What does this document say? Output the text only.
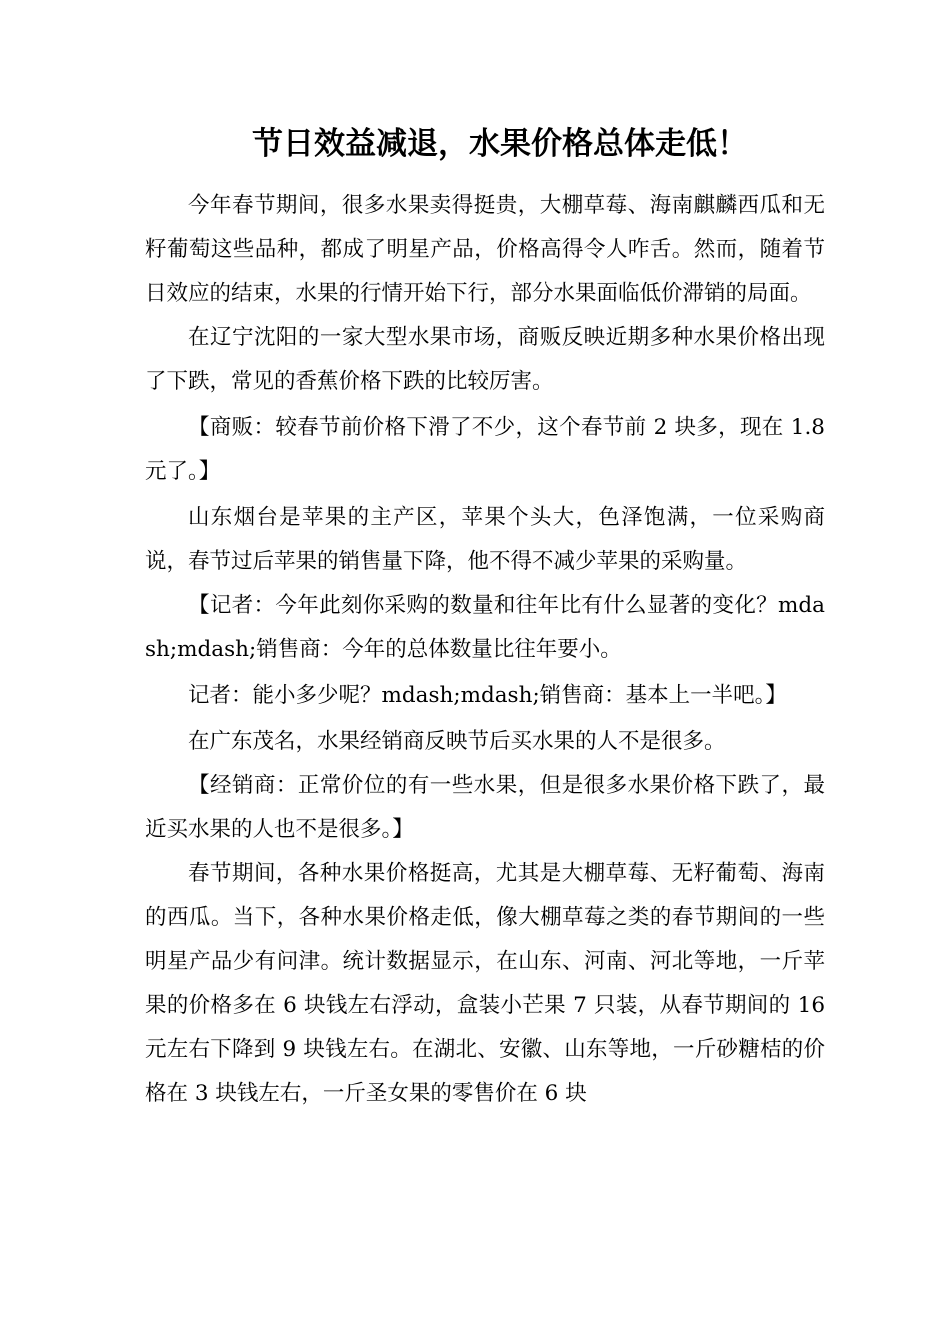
节日效益减退，水果价格总体走低！

今年春节期间，很多水果卖得挺贵，大棚草莓、海南麒麟西瓜和无籽葡萄这些品种，都成了明星产品，价格高得令人咋舌。然而，随着节日效应的结束，水果的行情开始下行，部分水果面临低价滞销的局面。

在辽宁沈阳的一家大型水果市场，商贩反映近期多种水果价格出现了下跌，常见的香蕉价格下跌的比较厉害。

【商贩：较春节前价格下滑了不少，这个春节前 2 块多，现在 1.8 元了。】

山东烟台是苹果的主产区，苹果个头大，色泽饱满，一位采购商说，春节过后苹果的销售量下降，他不得不减少苹果的采购量。

【记者：今年此刻你采购的数量和往年比有什么显著的变化？mdash;mdash;销售商：今年的总体数量比往年要小。

记者：能小多少呢？mdash;mdash;销售商：基本上一半吧。】

在广东茂名，水果经销商反映节后买水果的人不是很多。

【经销商：正常价位的有一些水果，但是很多水果价格下跌了，最近买水果的人也不是很多。】

春节期间，各种水果价格挺高，尤其是大棚草莓、无籽葡萄、海南的西瓜。当下，各种水果价格走低，像大棚草莓之类的春节期间的一些明星产品少有问津。统计数据显示，在山东、河南、河北等地，一斤苹果的价格多在 6 块钱左右浮动，盒装小芒果 7 只装，从春节期间的 16 元左右下降到 9 块钱左右。在湖北、安徽、山东等地，一斤砂糖桔的价格在 3 块钱左右，一斤圣女果的零售价在 6 块
